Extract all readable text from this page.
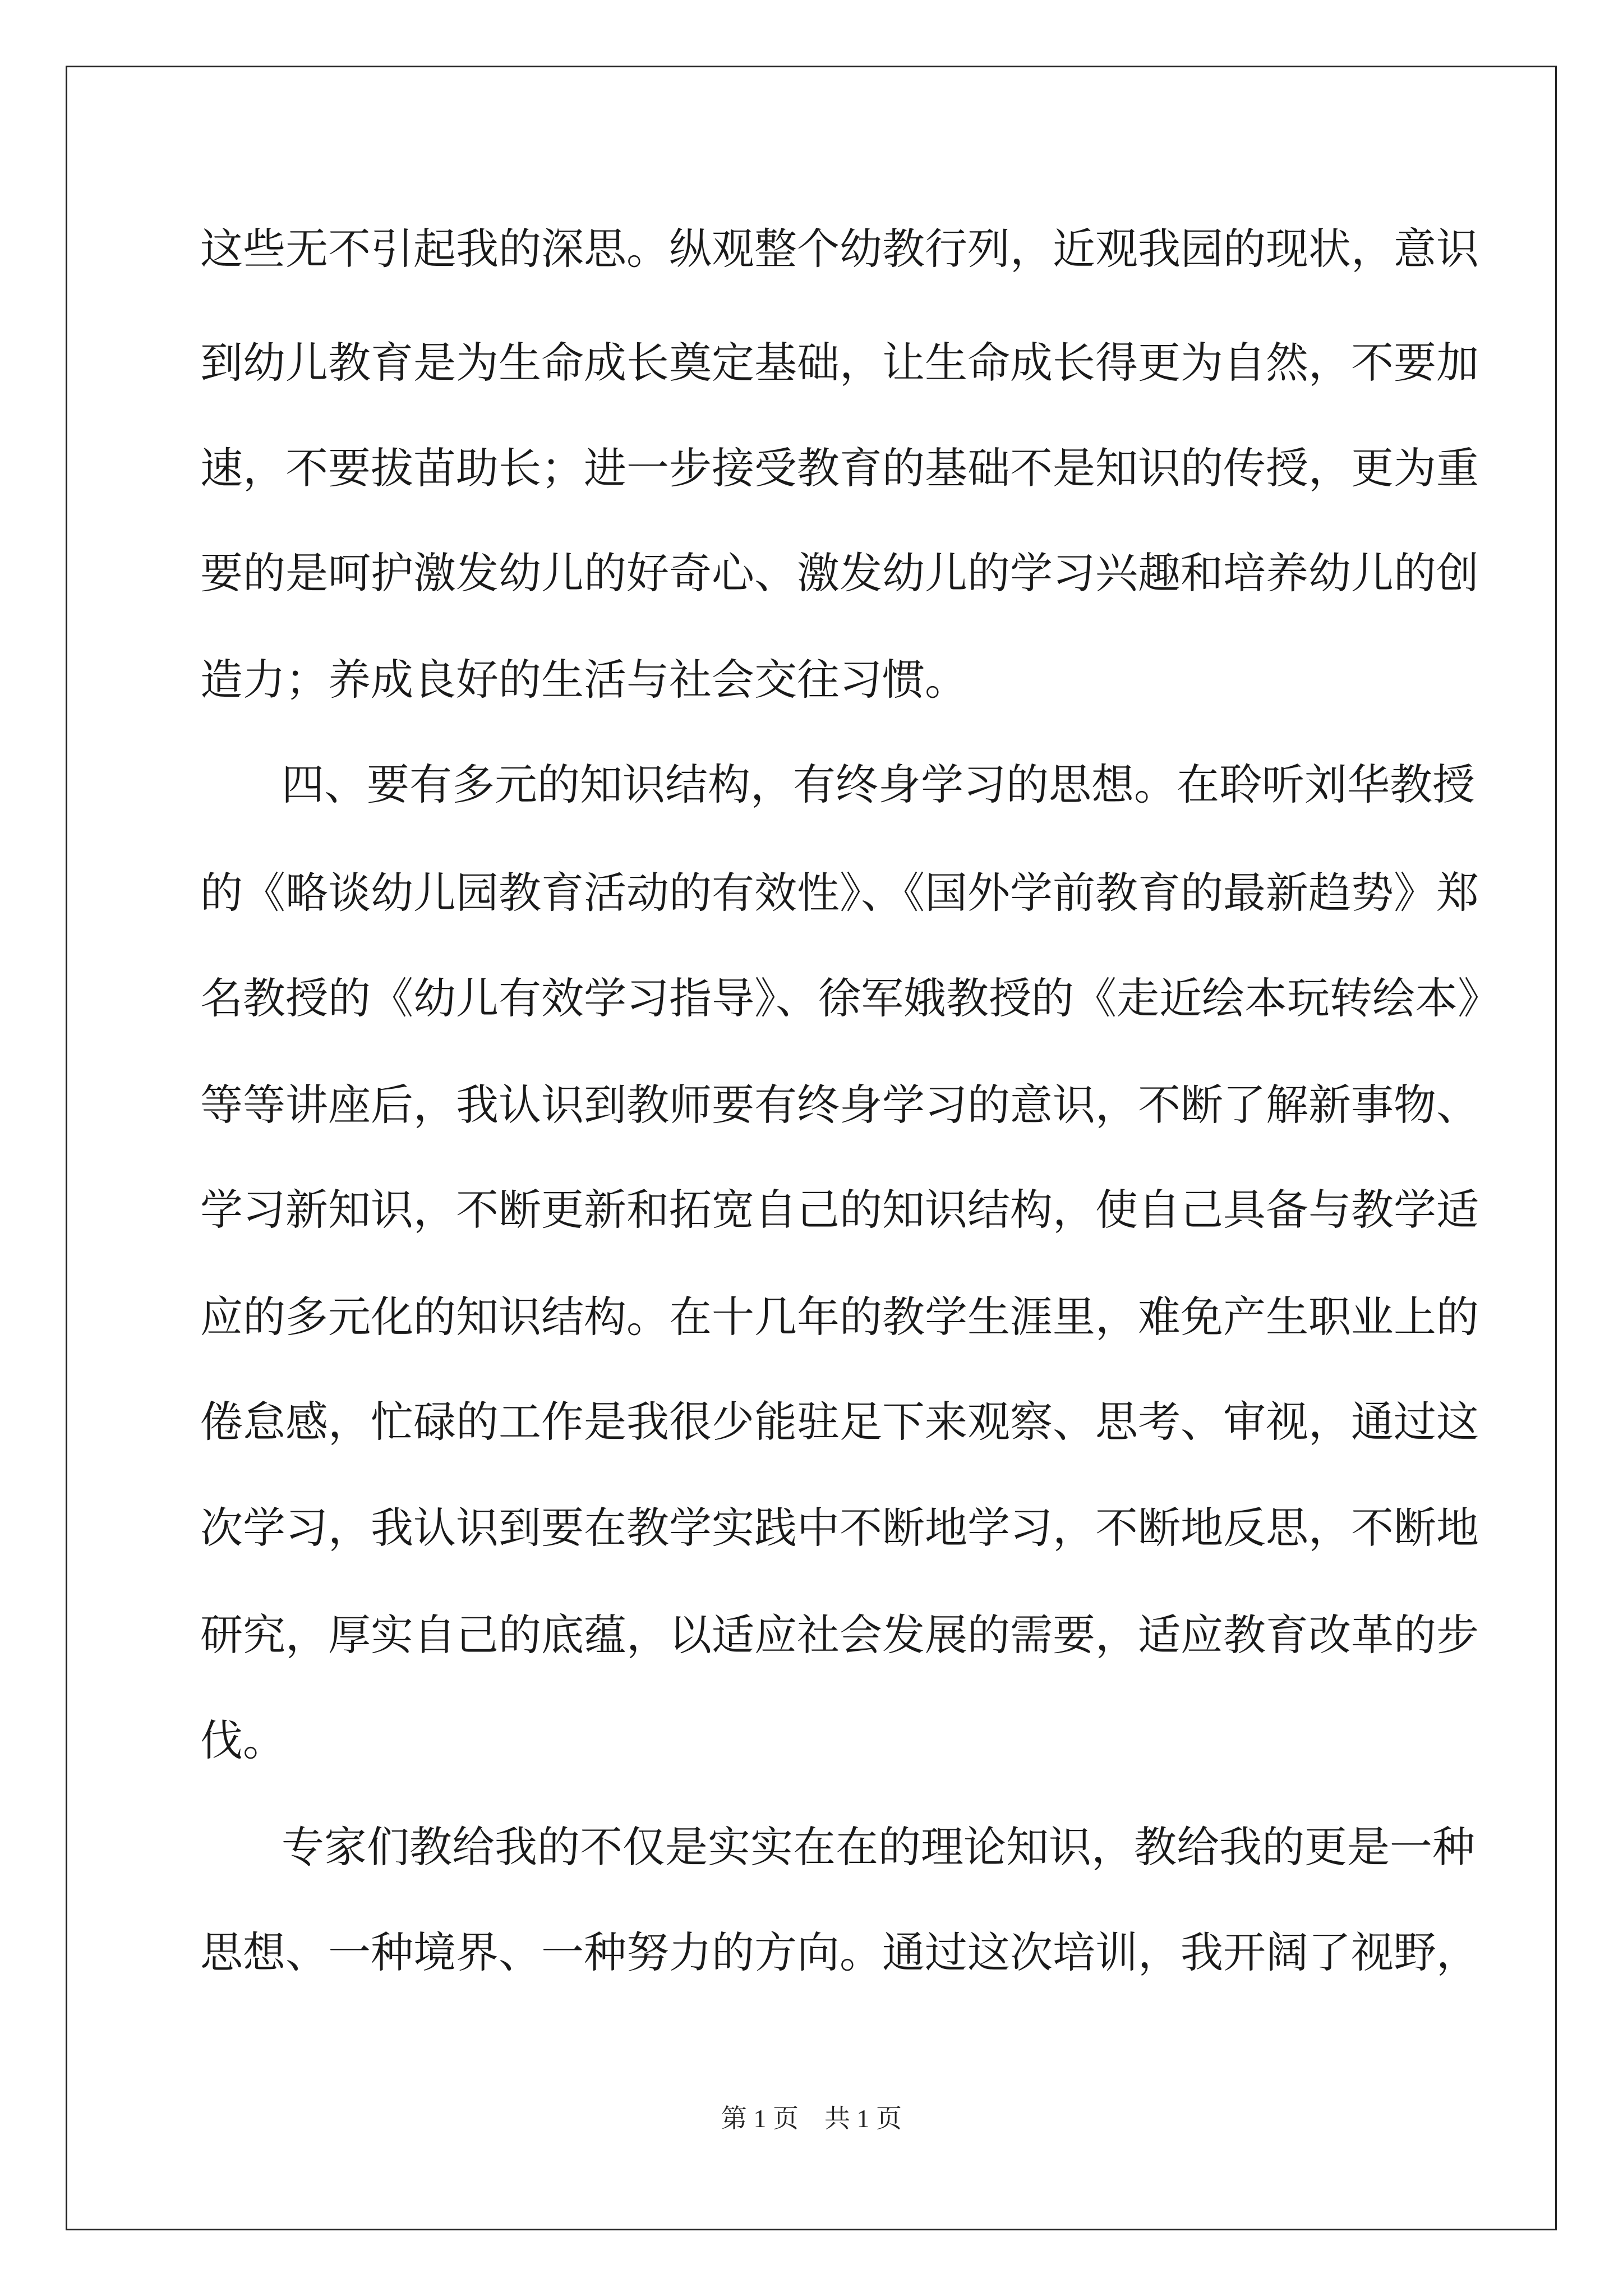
这些无不引起我的深思。纵观整个幼教行列，近观我园的现状，意识
到幼儿教育是为生命成长奠定基础，让生命成长得更为自然，不要加
速，不要拔苗助长；进一步接受教育的基础不是知识的传授，更为重
要的是呵护激发幼儿的好奇心、激发幼儿的学习兴趣和培养幼儿的创
造力；养成良好的生活与社会交往习惯。
四、要有多元的知识结构，有终身学习的思想。在聆听刘华教授
的《略谈幼儿园教育活动的有效性》、《国外学前教育的最新趋势》郑
名教授的《幼儿有效学习指导》、徐军娥教授的《走近绘本玩转绘本》
等等讲座后，我认识到教师要有终身学习的意识，不断了解新事物、
学习新知识，不断更新和拓宽自己的知识结构，使自己具备与教学适
应的多元化的知识结构。在十几年的教学生涯里，难免产生职业上的
倦怠感，忙碌的工作是我很少能驻足下来观察、思考、审视，通过这
次学习，我认识到要在教学实践中不断地学习，不断地反思，不断地
研究，厚实自己的底蕴，以适应社会发展的需要，适应教育改革的步
伐。
专家们教给我的不仅是实实在在的理论知识，教给我的更是一种
思想、一种境界、一种努力的方向。通过这次培训，我开阔了视野，
第 1 页　共 1 页
